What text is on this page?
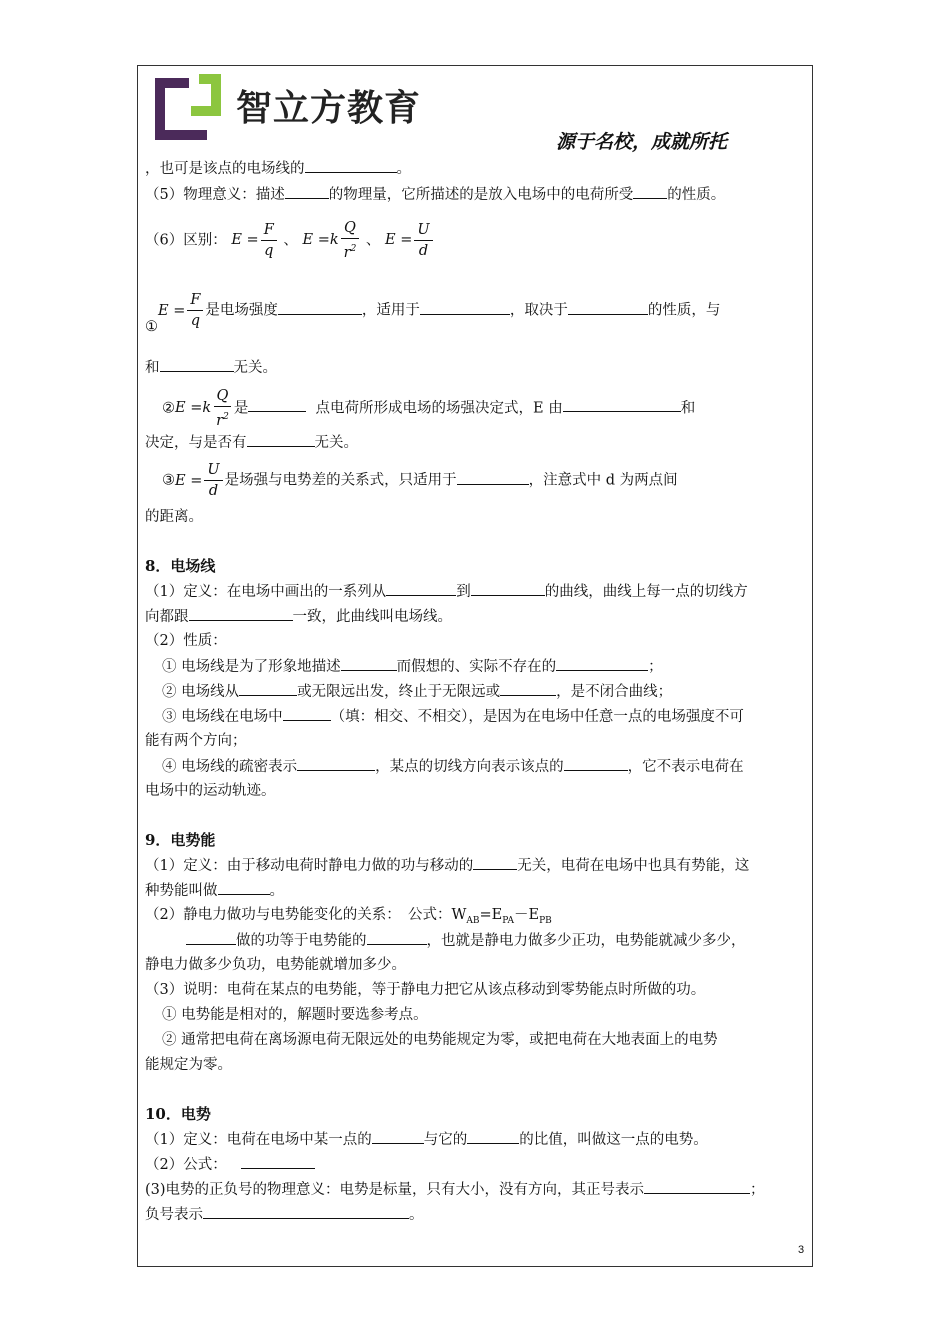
智立方教育
源于名校，成就所托
，也可是该点的电场线的	。
（5）物理意义：描述	的物理量，它所描述的是放入电场中的电荷所受 的性质。
（6）区别： $E = \frac{F}{q}$ 、 $E =k \frac{Q}{r^2}$ 、 $E = \frac{U}{d}$
①E = $\frac{F}{q}$ 是电场强度	，适用于	，取决于	的性质，与
和	无关。
②E $=k \frac{Q}{r^2}$ 是	点电荷所形成电场的场强决定式，E 由	和
决定，与是否有	无关。
③E = $\frac{U}{d}$ 是场强与电势差的关系式，只适用于	，注意式中 d 为两点间
的距离。
8．电场线
（1）定义：在电场中画出的一系列从	到	的曲线，曲线上每一点的切线方
向都跟	一致，此曲线叫电场线。
（2）性质：
① 电场线是为了形象地描述	而假想的、实际不存在的	；
② 电场线从	或无限远出发，终止于无限远或	，是不闭合曲线；
③ 电场线在电场中	（填：相交、不相交），是因为在电场中任意一点的电场强度不可
能有两个方向；
④ 电场线的疏密表示	，某点的切线方向表示该点的	，它不表示电荷在
电场中的运动轨迹。
9．电势能
（1）定义：由于移动电荷时静电力做的功与移动的	无关，电荷在电场中也具有势能，这
种势能叫做	。
（2）静电力做功与电势能变化的关系：　公式：$W_{AB}=E_{PA}-E_{PB}$
做的功等于电势能的	，也就是静电力做多少正功，电势能就减少多少，
静电力做多少负功，电势能就增加多少。
（3）说明：电荷在某点的电势能，等于静电力把它从该点移动到零势能点时所做的功。
① 电势能是相对的，解题时要选参考点。
② 通常把电荷在离场源电荷无限远处的电势能规定为零，或把电荷在大地表面上的电势
能规定为零。
10．电势
（1）定义：电荷在电场中某一点的	与它的	的比值，叫做这一点的电势。
（2）公式：
(3)电势的正负号的物理意义：电势是标量，只有大小，没有方向，其正号表示	；
负号表示	。
3
